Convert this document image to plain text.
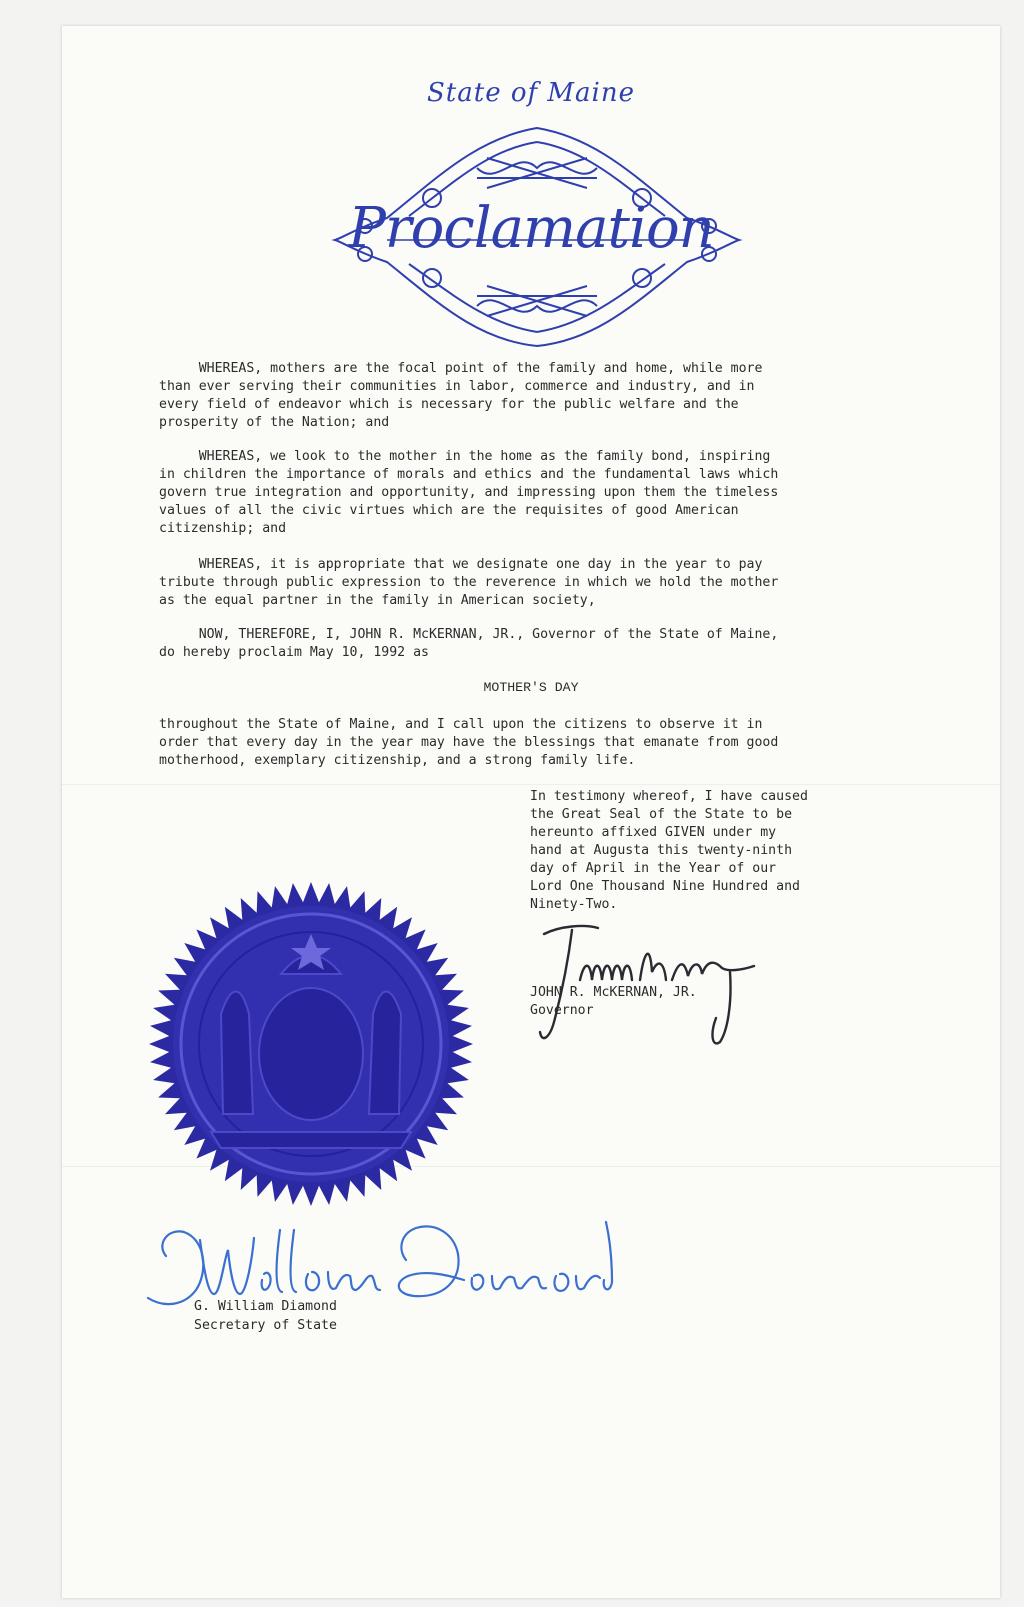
State of Maine
Proclamation
WHEREAS, mothers are the focal point of the family and home, while more
than ever serving their communities in labor, commerce and industry, and in
every field of endeavor which is necessary for the public welfare and the
prosperity of the Nation; and
WHEREAS, we look to the mother in the home as the family bond, inspiring
in children the importance of morals and ethics and the fundamental laws which
govern true integration and opportunity, and impressing upon them the timeless
values of all the civic virtues which are the requisites of good American
citizenship; and
WHEREAS, it is appropriate that we designate one day in the year to pay
tribute through public expression to the reverence in which we hold the mother
as the equal partner in the family in American society,
NOW, THEREFORE, I, JOHN R. McKERNAN, JR., Governor of the State of Maine,
do hereby proclaim May 10, 1992 as
MOTHER'S DAY
throughout the State of Maine, and I call upon the citizens to observe it in
order that every day in the year may have the blessings that emanate from good
motherhood, exemplary citizenship, and a strong family life.
In testimony whereof, I have caused
the Great Seal of the State to be
hereunto affixed GIVEN under my
hand at Augusta this twenty-ninth
day of April in the Year of our
Lord One Thousand Nine Hundred and
Ninety-Two.
JOHN R. McKERNAN, JR.
Governor
G. William Diamond
Secretary of State
